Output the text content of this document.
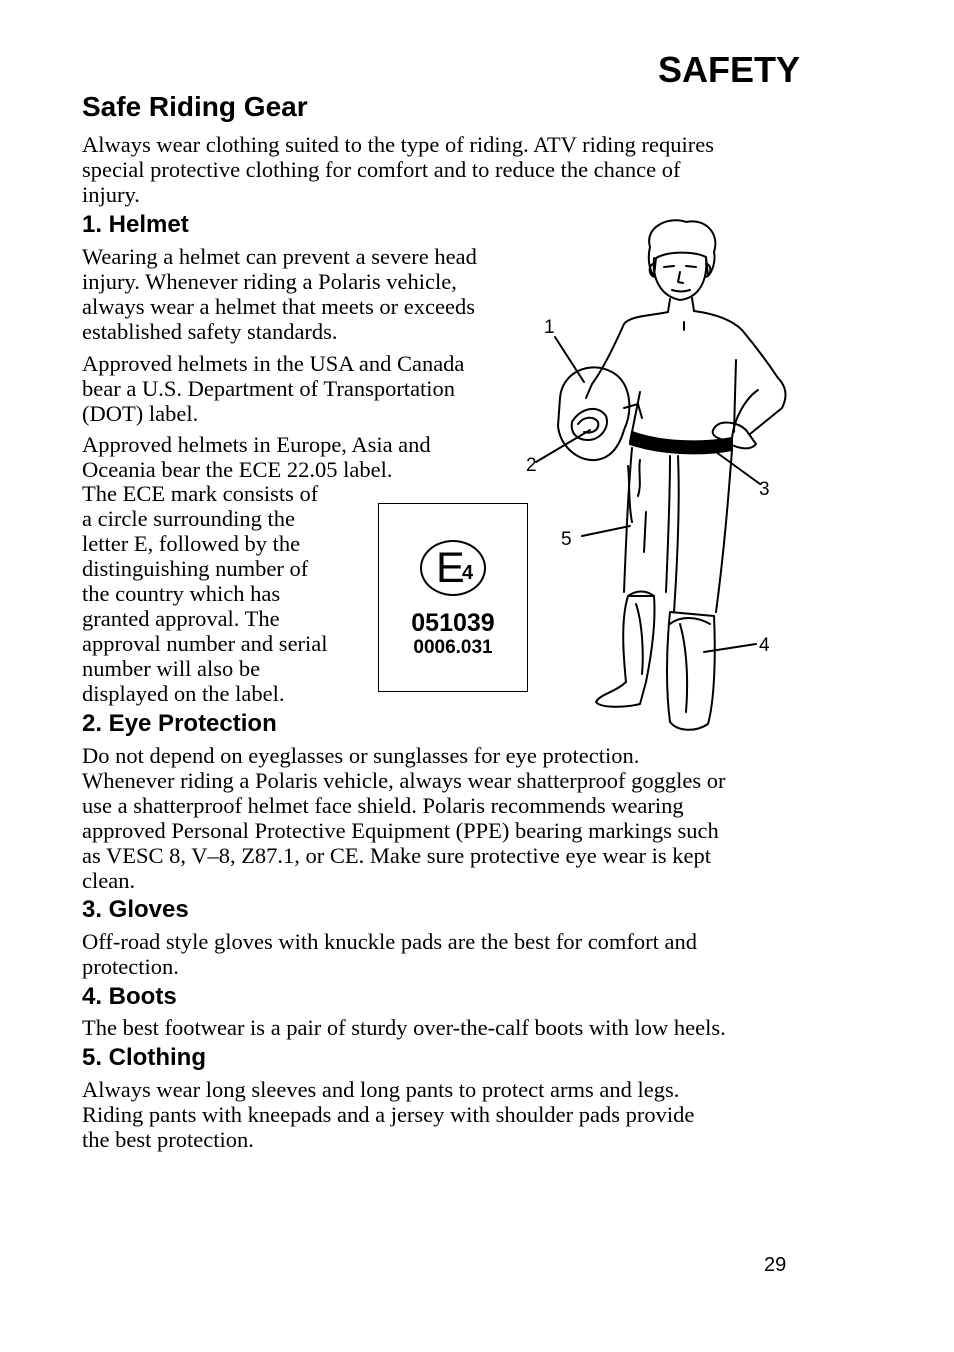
SAFETY
Safe Riding Gear

Always wear clothing suited to the type of riding. ATV riding requires
special protective clothing for comfort and to reduce the chance of
injury.

1. Helmet

Wearing a helmet can prevent a severe head
injury. Whenever riding a Polaris vehicle,
always wear a helmet that meets or exceeds
established safety standards.

Approved helmets in the USA and Canada
bear a U.S. Department of Transportation
(DOT) label.

Approved helmets in Europe, Asia and
Oceania bear the ECE 22.05 label.

The ECE mark consists of
a circle surrounding the
letter E, followed by the
distinguishing number of
the country which has
granted approval. The
approval number and serial
number will also be
displayed on the label.

E
4
051039
0006.031
1
2
3
4
5
2. Eye Protection

Do not depend on eyeglasses or sunglasses for eye protection.
Whenever riding a Polaris vehicle, always wear shatterproof goggles or
use a shatterproof helmet face shield. Polaris recommends wearing
approved Personal Protective Equipment (PPE) bearing markings such
as VESC 8, V–8, Z87.1, or CE. Make sure protective eye wear is kept
clean.

3. Gloves

Off-road style gloves with knuckle pads are the best for comfort and
protection.

4. Boots

The best footwear is a pair of sturdy over-the-calf boots with low heels.

5. Clothing

Always wear long sleeves and long pants to protect arms and legs.
Riding pants with kneepads and a jersey with shoulder pads provide
the best protection.

29
